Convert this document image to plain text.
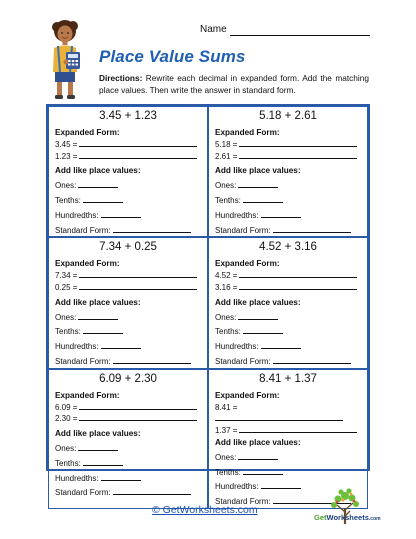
Name
Place Value Sums
Directions: Rewrite each decimal in expanded form. Add the matching place values. Then write the answer in standard form.
3.45 + 1.23
Expanded Form:
3.45 =
1.23 =
Add like place values:
Ones:
Tenths:
Hundredths:
Standard Form:
5.18 + 2.61
Expanded Form:
5.18 =
2.61 =
Add like place values:
Ones:
Tenths:
Hundredths:
Standard Form:
7.34 + 0.25
Expanded Form:
7.34 =
0.25 =
Add like place values:
Ones:
Tenths:
Hundredths:
Standard Form:
4.52 + 3.16
Expanded Form:
4.52 =
3.16 =
Add like place values:
Ones:
Tenths:
Hundredths:
Standard Form:
6.09 + 2.30
Expanded Form:
6.09 =
2.30 =
Add like place values:
Ones:
Tenths:
Hundredths:
Standard Form:
8.41 + 1.37
Expanded Form:
8.41 =
1.37 =
Add like place values:
Ones:
Tenths:
Hundredths:
Standard Form:
© GetWorksheets.com
GetWorksheets.com
